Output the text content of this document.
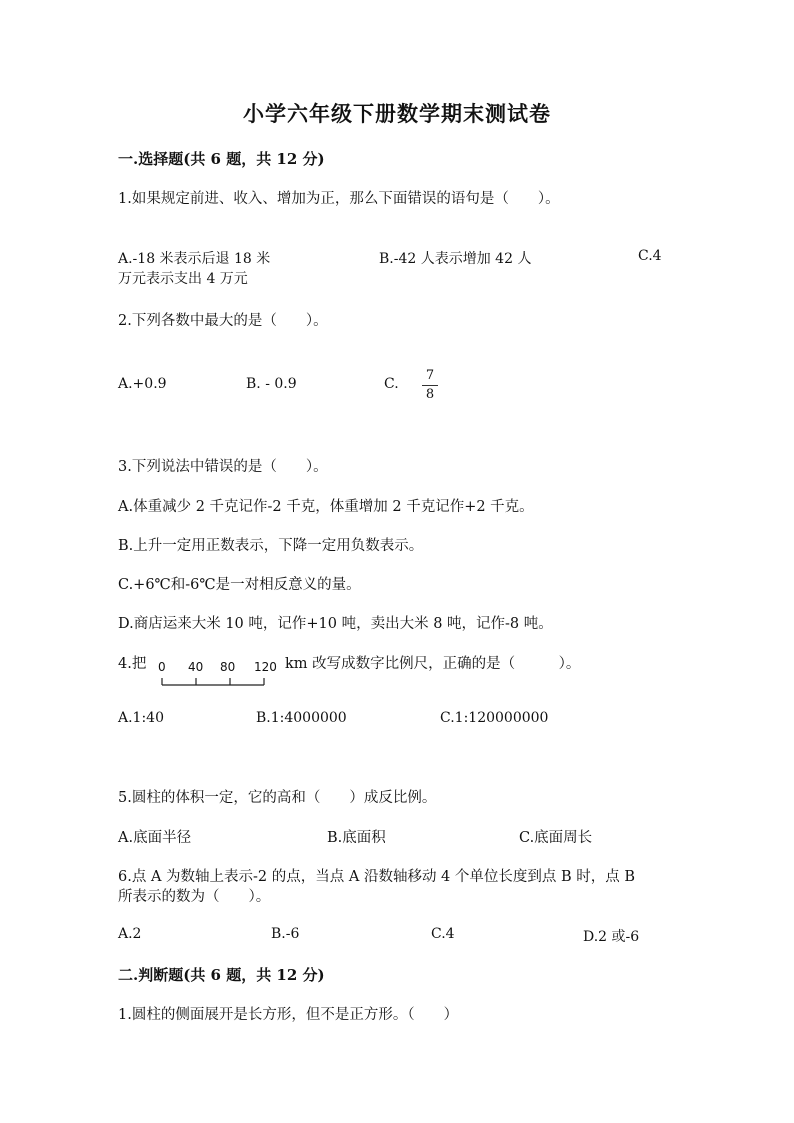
小学六年级下册数学期末测试卷
一.选择题(共 6 题，共 12 分)
1.如果规定前进、收入、增加为正，那么下面错误的语句是（　　）。
A.-18 米表示后退 18 米	B.-42 人表示增加 42 人	C.4
万元表示支出 4 万元
2.下列各数中最大的是（　　）。
A.+0.9	B. - 0.9	C.
7
8
3.下列说法中错误的是（　　）。
A.体重减少 2 千克记作-2 千克，体重增加 2 千克记作+2 千克。
B.上升一定用正数表示，下降一定用负数表示。
C.+6℃和-6℃是一对相反意义的量。
D.商店运来大米 10 吨，记作+10 吨，卖出大米 8 吨，记作-8 吨。
4.把 0 40 80 120 km 改写成数字比例尺，正确的是（　　　）。
A.1:40	B.1:4000000	C.1:120000000
5.圆柱的体积一定，它的高和（　　）成反比例。
A.底面半径	B.底面积	C.底面周长
6.点 A 为数轴上表示-2 的点，当点 A 沿数轴移动 4 个单位长度到点 B 时，点 B
所表示的数为（　　）。
A.2	B.-6	C.4	D.2 或-6
二.判断题(共 6 题，共 12 分)
1.圆柱的侧面展开是长方形，但不是正方形。（　　）
